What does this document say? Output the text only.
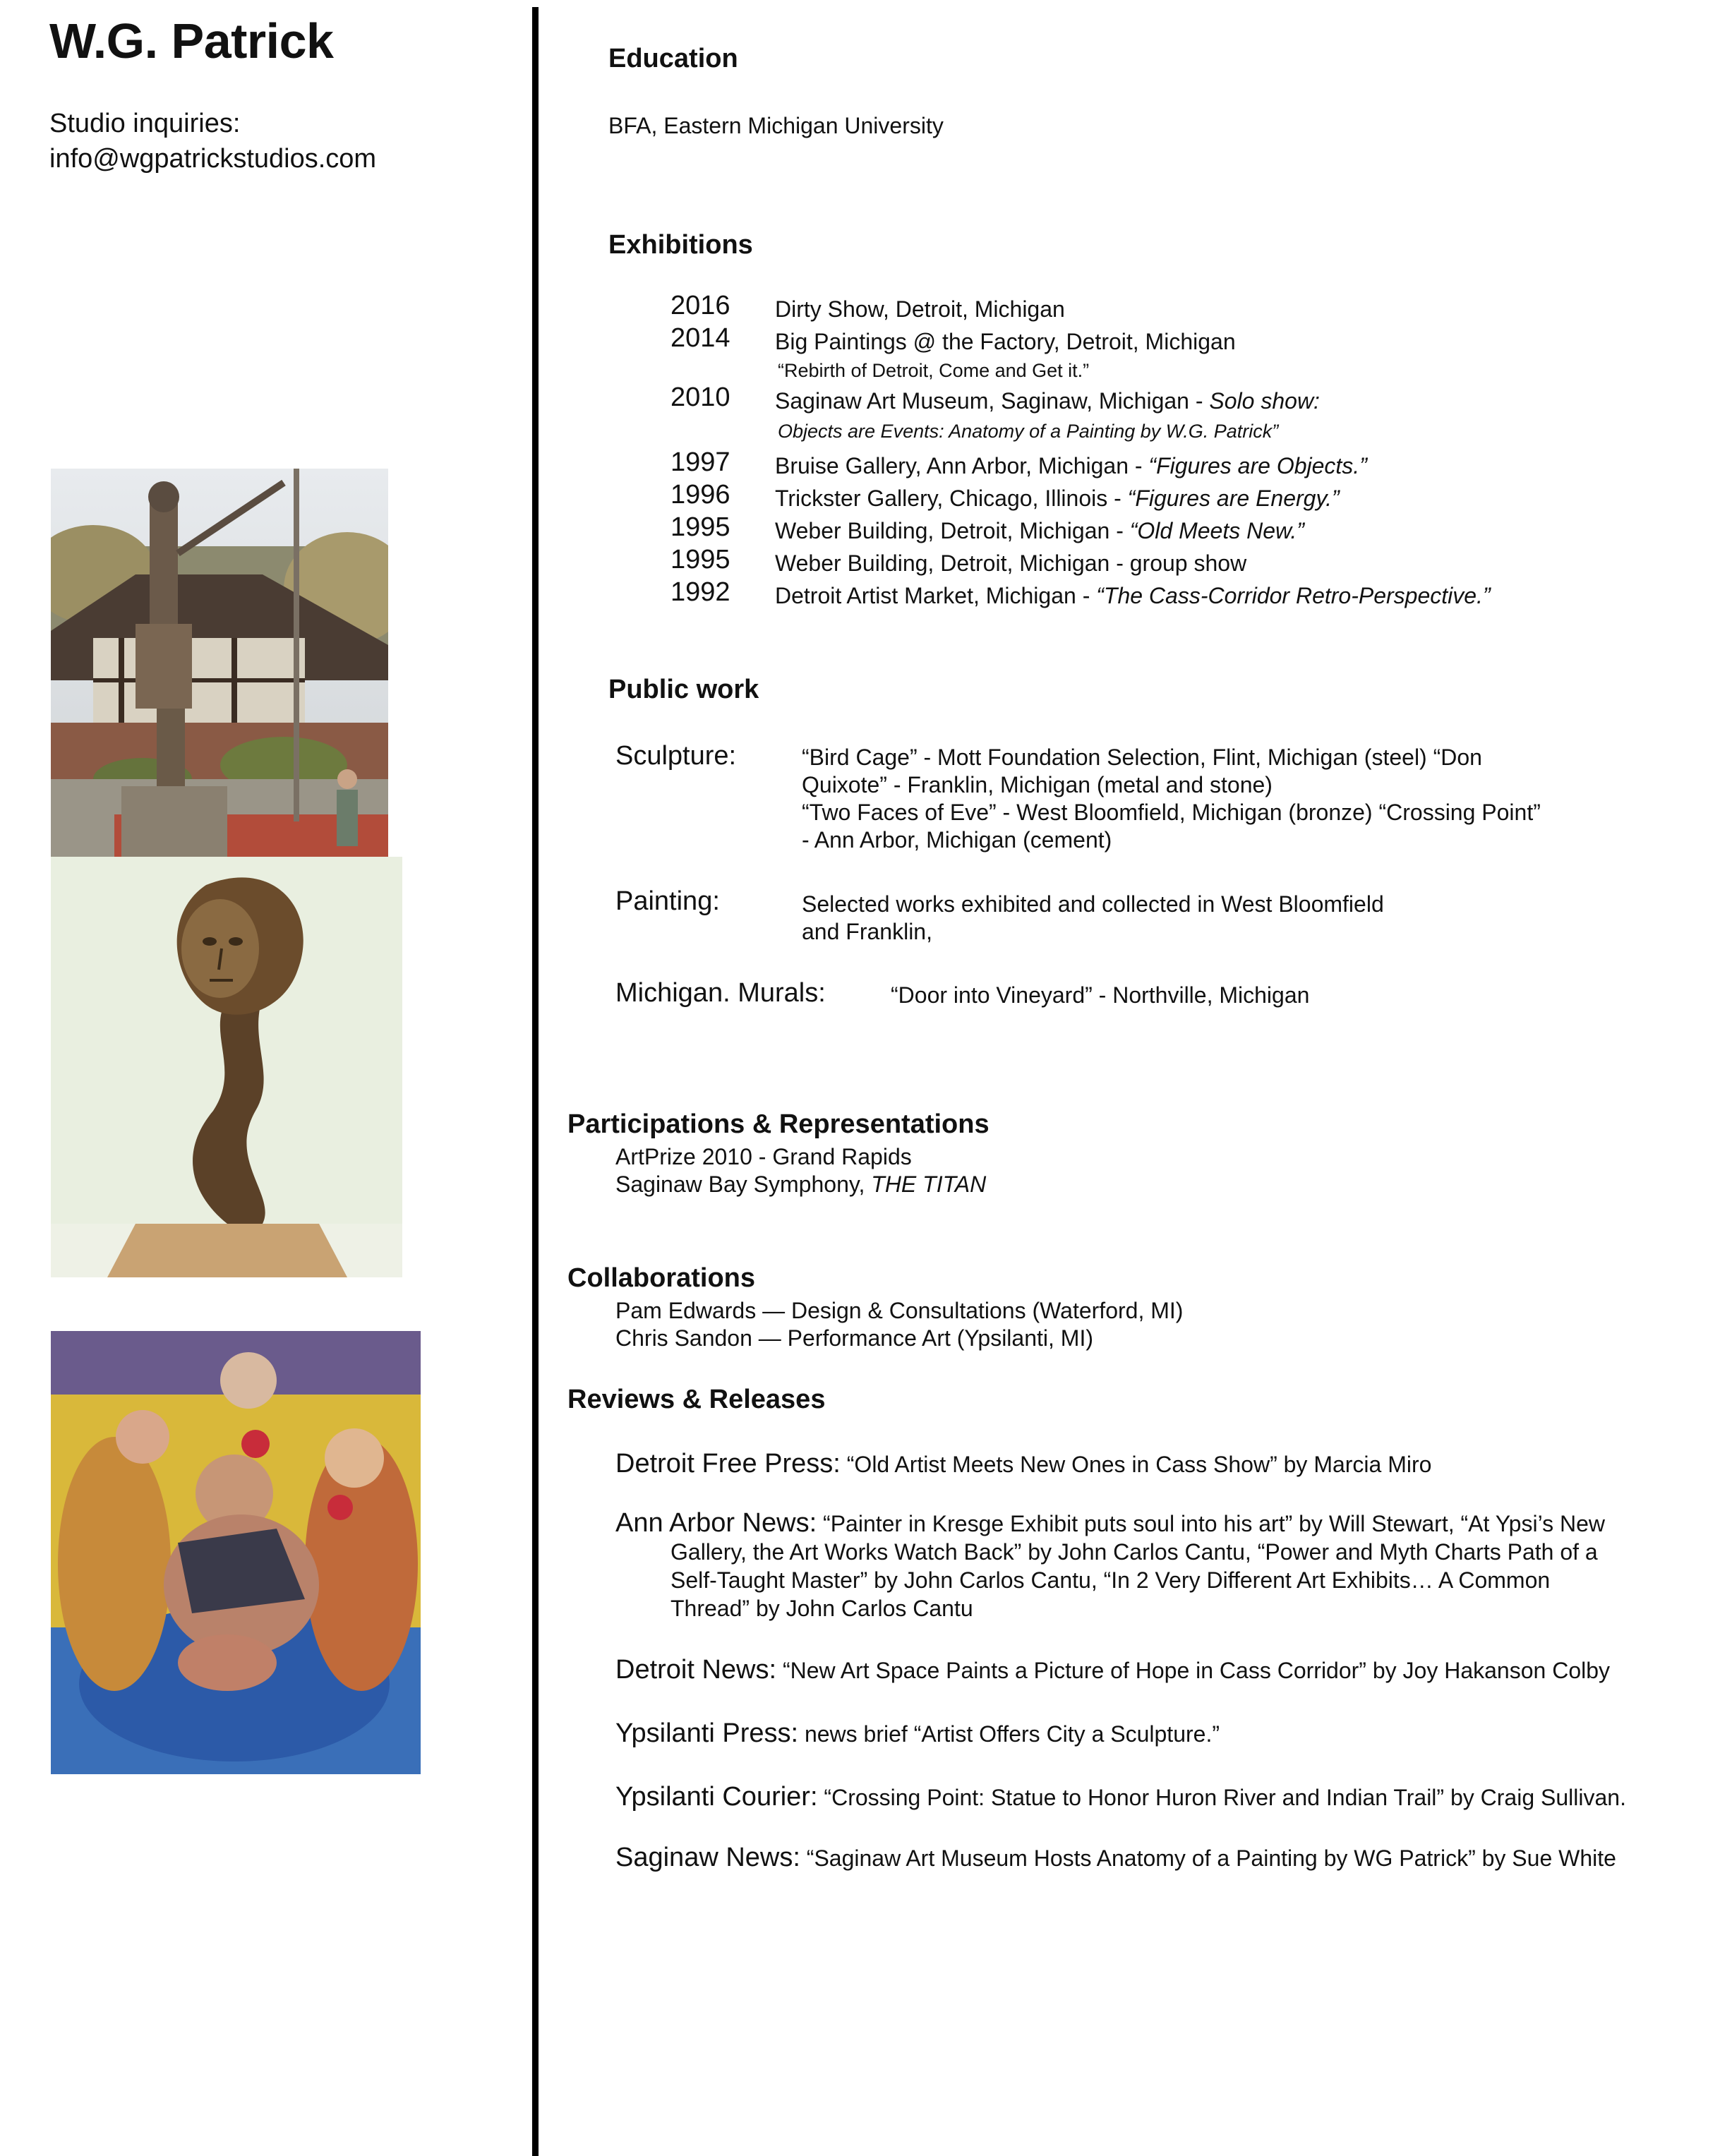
W.G. Patrick
Studio inquiries:
info@wgpatrickstudios.com
Education
BFA, Eastern Michigan University
Exhibitions
2016 Dirty Show, Detroit, Michigan
2014 Big Paintings @ the Factory, Detroit, Michigan
“Rebirth of Detroit, Come and Get it.”
2010 Saginaw Art Museum, Saginaw, Michigan - Solo show:
Objects are Events: Anatomy of a Painting by W.G. Patrick”
1997 Bruise Gallery, Ann Arbor, Michigan - “Figures are Objects.”
1996 Trickster Gallery, Chicago, Illinois - “Figures are Energy.”
1995 Weber Building, Detroit, Michigan - “Old Meets New.”
1995 Weber Building, Detroit, Michigan - group show
1992 Detroit Artist Market, Michigan - “The Cass-Corridor Retro-Perspective.”
Public work
Sculpture:	“Bird Cage” - Mott Foundation Selection, Flint, Michigan (steel) “Don
Quixote” - Franklin, Michigan (metal and stone)
“Two Faces of Eve” - West Bloomfield, Michigan (bronze) “Crossing Point”
- Ann Arbor, Michigan (cement)
Painting:	Selected works exhibited and collected in West Bloomfield
and Franklin,
Michigan. Murals:	“Door into Vineyard” - Northville, Michigan
Participations & Representations
ArtPrize 2010 - Grand Rapids
Saginaw Bay Symphony, THE TITAN
Collaborations
Pam Edwards — Design & Consultations (Waterford, MI)
Chris Sandon — Performance Art (Ypsilanti, MI)
Reviews & Releases
Detroit Free Press: “Old Artist Meets New Ones in Cass Show” by Marcia Miro
Ann Arbor News: “Painter in Kresge Exhibit puts soul into his art” by Will Stewart, “At Ypsi’s New
Gallery, the Art Works Watch Back” by John Carlos Cantu, “Power and Myth Charts Path of a
Self-Taught Master” by John Carlos Cantu, “In 2 Very Different Art Exhibits… A Common
Thread” by John Carlos Cantu
Detroit News: “New Art Space Paints a Picture of Hope in Cass Corridor” by Joy Hakanson Colby
Ypsilanti Press: news brief “Artist Offers City a Sculpture.”
Ypsilanti Courier: “Crossing Point: Statue to Honor Huron River and Indian Trail” by Craig Sullivan.
Saginaw News: “Saginaw Art Museum Hosts Anatomy of a Painting by WG Patrick” by Sue White
